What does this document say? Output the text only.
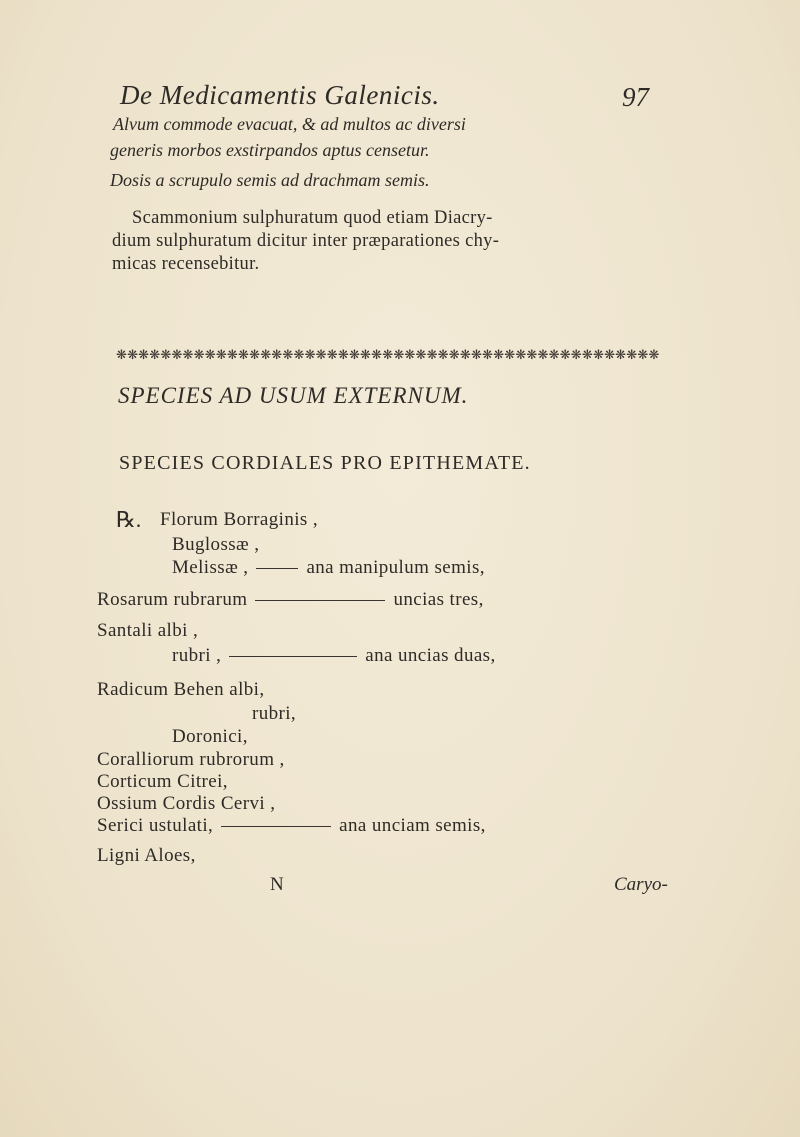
De Medicamentis Galenicis.	97
Alvum commode evacuat, & ad multos ac diversi
generis morbos exstirpandos aptus censetur.
Dosis a scrupulo semis ad drachmam semis.
Scammonium sulphuratum quod etiam Diacry-
dium sulphuratum dicitur inter præparationes chy-
micas recensebitur.
❋❋❋❋❋❋❋❋❋❋❋❋❋❋❋❋❋❋❋❋❋❋❋❋❋❋❋❋❋❋❋❋❋❋❋❋❋❋❋❋❋❋❋❋❋❋❋❋❋
SPECIES AD USUM EXTERNUM.
SPECIES CORDIALES PRO EPITHEMATE.
℞. Florum Borraginis ,
Buglossæ ,
Melissæ ,	ana manipulum semis,
Rosarum rubrarum	uncias tres,
Santali albi ,
rubri ,	ana uncias duas,
Radicum Behen albi,
rubri,
Doronici,
Coralliorum rubrorum ,
Corticum Citrei,
Ossium Cordis Cervi ,
Serici ustulati,	ana unciam semis,
Ligni Aloes,
N	Caryo-
